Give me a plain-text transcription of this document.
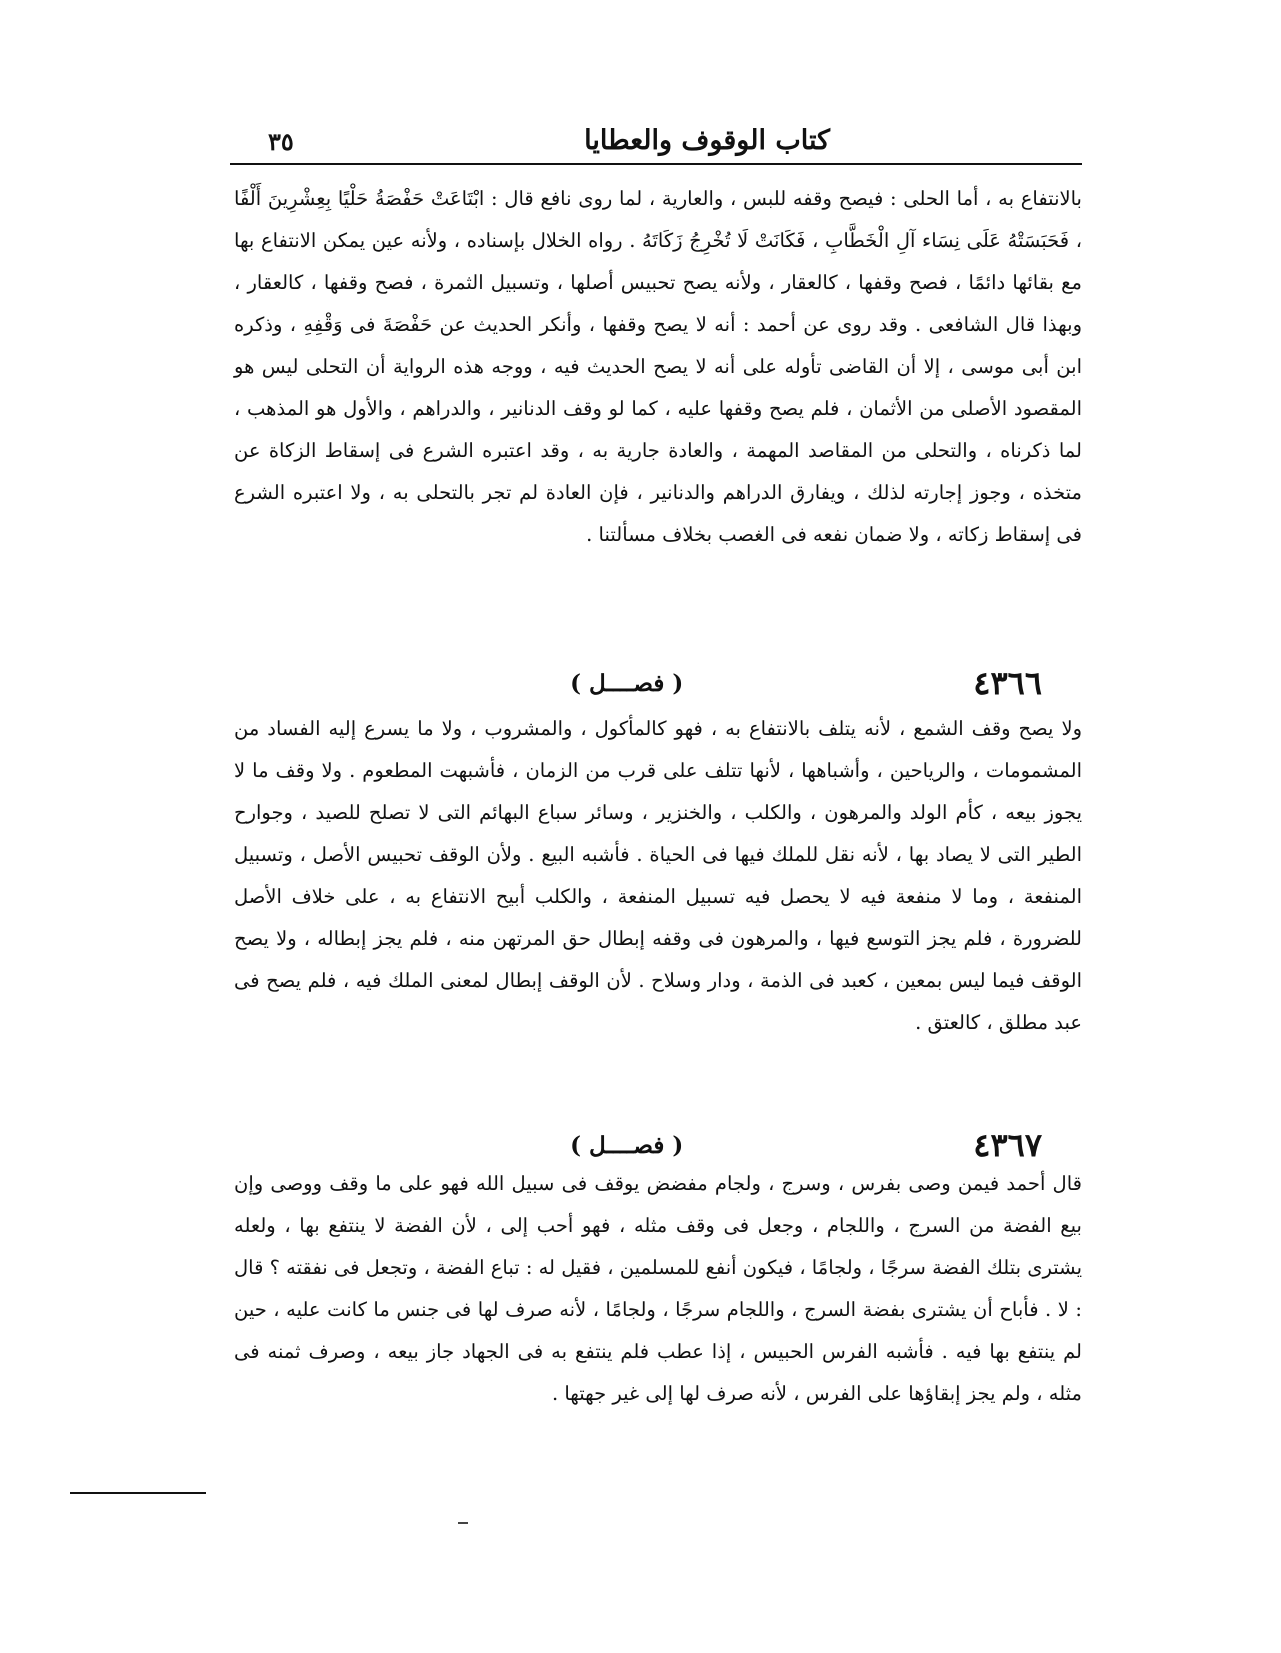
كتاب الوقوف والعطايا
٣٥
بالانتفاع به ، أما الحلى : فيصح وقفه للبس ، والعارية ، لما روى نافع قال : ابْتَاعَتْ حَفْصَةُ حَلْيًا بِعِشْرِينَ أَلْفًا ، فَحَبَسَتْهُ عَلَى نِسَاء آلِ الْخَطَّابِ ، فَكَانَتْ لَا تُخْرِجُ زَكَاتَهُ . رواه الخلال بإسناده ، ولأنه عين يمكن الانتفاع بها مع بقائها دائمًا ، فصح وقفها ، كالعقار ، ولأنه يصح تحبيس أصلها ، وتسبيل الثمرة ، فصح وقفها ، كالعقار ، وبهذا قال الشافعى . وقد روى عن أحمد : أنه لا يصح وقفها ، وأنكر الحديث عن حَفْصَةَ فى وَقْفِهِ ، وذكره ابن أبى موسى ، إلا أن القاضى تأوله على أنه لا يصح الحديث فيه ، ووجه هذه الرواية أن التحلى ليس هو المقصود الأصلى من الأثمان ، فلم يصح وقفها عليه ، كما لو وقف الدنانير ، والدراهم ، والأول هو المذهب ، لما ذكرناه ، والتحلى من المقاصد المهمة ، والعادة جارية به ، وقد اعتبره الشرع فى إسقاط الزكاة عن متخذه ، وجوز إجارته لذلك ، ويفارق الدراهم والدنانير ، فإن العادة لم تجر بالتحلى به ، ولا اعتبره الشرع فى إسقاط زكاته ، ولا ضمان نفعه فى الغصب بخلاف مسألتنا .
٤٣٦٦
( فصــــل )
ولا يصح وقف الشمع ، لأنه يتلف بالانتفاع به ، فهو كالمأكول ، والمشروب ، ولا ما يسرع إليه الفساد من المشمومات ، والرياحين ، وأشباهها ، لأنها تتلف على قرب من الزمان ، فأشبهت المطعوم . ولا وقف ما لا يجوز بيعه ، كأم الولد والمرهون ، والكلب ، والخنزير ، وسائر سباع البهائم التى لا تصلح للصيد ، وجوارح الطير التى لا يصاد بها ، لأنه نقل للملك فيها فى الحياة . فأشبه البيع . ولأن الوقف تحبيس الأصل ، وتسبيل المنفعة ، وما لا منفعة فيه لا يحصل فيه تسبيل المنفعة ، والكلب أبيح الانتفاع به ، على خلاف الأصل للضرورة ، فلم يجز التوسع فيها ، والمرهون فى وقفه إبطال حق المرتهن منه ، فلم يجز إبطاله ، ولا يصح الوقف فيما ليس بمعين ، كعبد فى الذمة ، ودار وسلاح . لأن الوقف إبطال لمعنى الملك فيه ، فلم يصح فى عبد مطلق ، كالعتق .
٤٣٦٧
( فصــــل )
قال أحمد فيمن وصى بفرس ، وسرج ، ولجام مفضض يوقف فى سبيل الله فهو على ما وقف ووصى وإن بيع الفضة من السرج ، واللجام ، وجعل فى وقف مثله ، فهو أحب إلى ، لأن الفضة لا ينتفع بها ، ولعله يشترى بتلك الفضة سرجًا ، ولجامًا ، فيكون أنفع للمسلمين ، فقيل له : تباع الفضة ، وتجعل فى نفقته ؟ قال : لا . فأباح أن يشترى بفضة السرج ، واللجام سرجًا ، ولجامًا ، لأنه صرف لها فى جنس ما كانت عليه ، حين لم ينتفع بها فيه . فأشبه الفرس الحبيس ، إذا عطب فلم ينتفع به فى الجهاد جاز بيعه ، وصرف ثمنه فى مثله ، ولم يجز إبقاؤها على الفرس ، لأنه صرف لها إلى غير جهتها .
